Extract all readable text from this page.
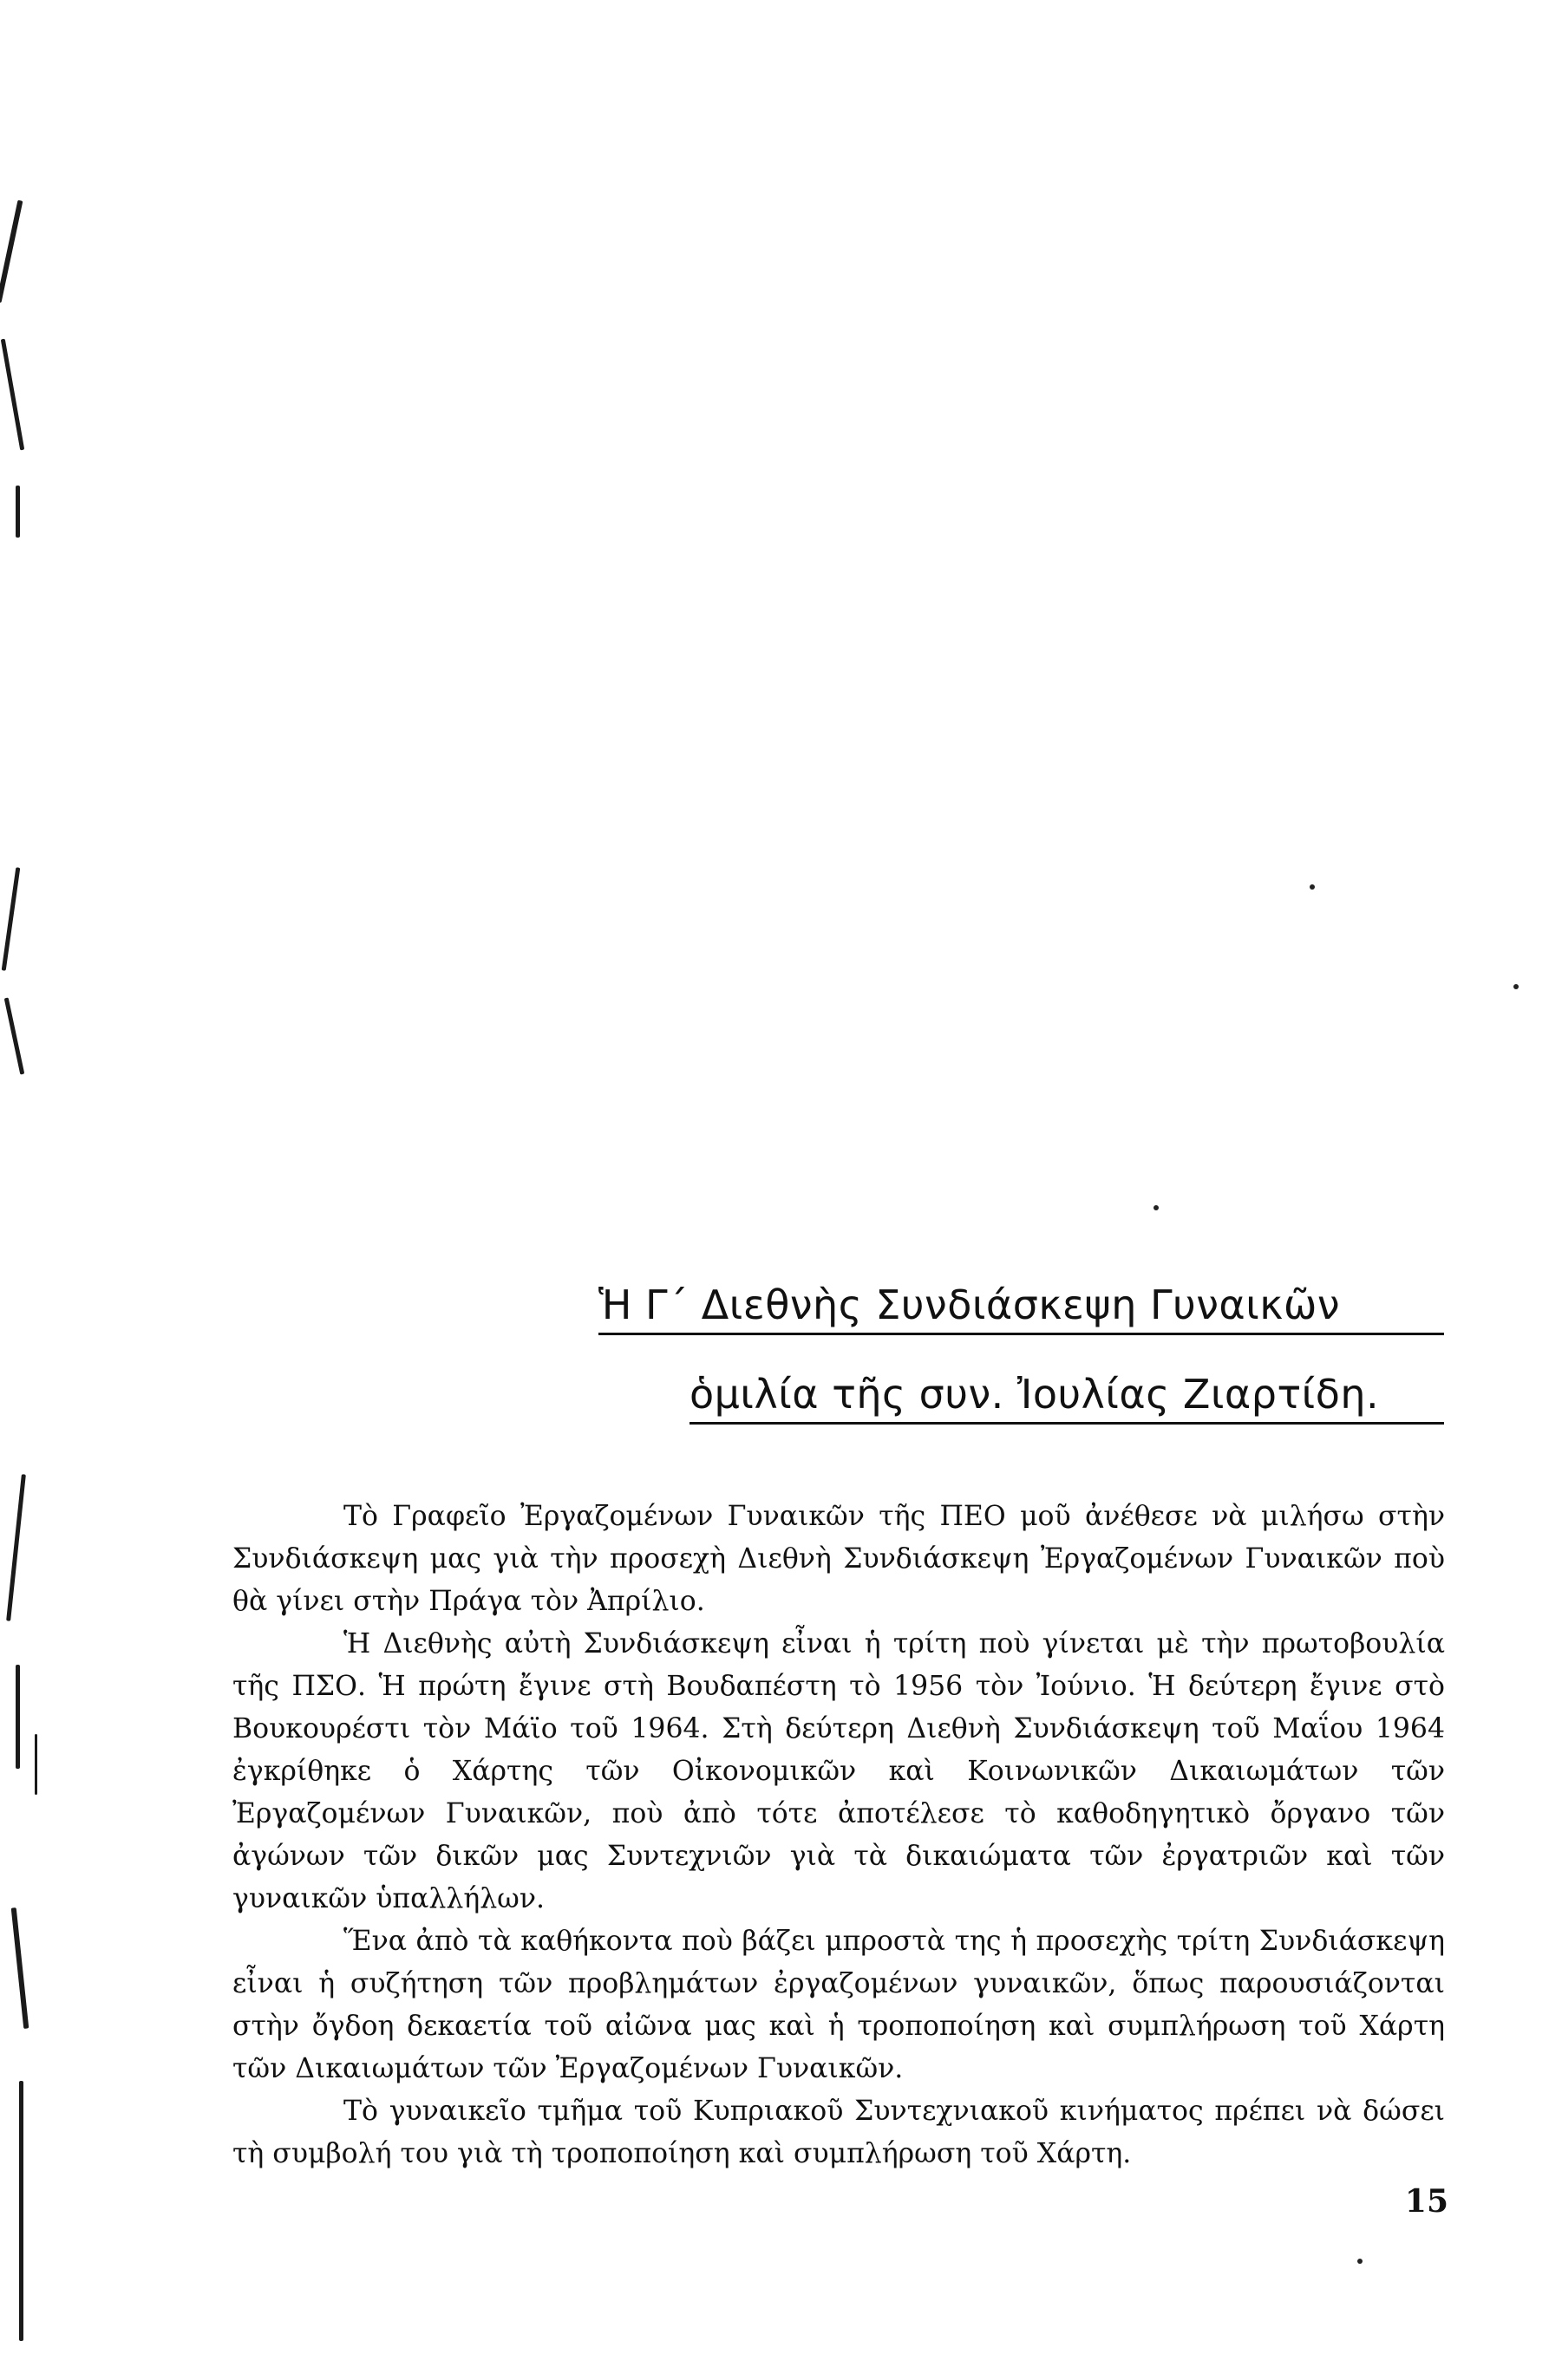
Ἡ Γ΄ Διεθνὴς Συνδιάσκεψη Γυναικῶν ὁμιλία τῆς συν. Ἰουλίας Ζιαρτίδη.

Τὸ Γραφεῖο Ἐργαζομένων Γυναικῶν τῆς ΠΕΟ μοῦ ἀνέθεσε νὰ μιλήσω στὴν Συνδιάσκεψη μας γιὰ τὴν προσεχὴ Διεθνὴ Συνδιάσκεψη Ἐργαζομένων Γυναικῶν ποὺ θὰ γίνει στὴν Πράγα τὸν Ἀπρίλιο.

Ἡ Διεθνὴς αὐτὴ Συνδιάσκεψη εἶναι ἡ τρίτη ποὺ γίνεται μὲ τὴν πρωτοβουλία τῆς ΠΣΟ. Ἡ πρώτη ἔγινε στὴ Βουδαπέστη τὸ 1956 τὸν Ἰούνιο. Ἡ δεύτερη ἔγινε στὸ Βουκουρέστι τὸν Μάϊο τοῦ 1964. Στὴ δεύτερη Διεθνὴ Συνδιάσκεψη τοῦ Μαΐου 1964 ἐγκρίθηκε ὁ Χάρτης τῶν Οἰκονομικῶν καὶ Κοινωνικῶν Δικαιωμάτων τῶν Ἐργαζομένων Γυναικῶν, ποὺ ἀπὸ τότε ἀποτέλεσε τὸ καθοδηγητικὸ ὄργανο τῶν ἀγώνων τῶν δικῶν μας Συντεχνιῶν γιὰ τὰ δικαιώματα τῶν ἐργατριῶν καὶ τῶν γυναικῶν ὑπαλλήλων.

Ἕνα ἀπὸ τὰ καθήκοντα ποὺ βάζει μπροστὰ της ἡ προσεχὴς τρίτη Συνδιάσκεψη εἶναι ἡ συζήτηση τῶν προβλημάτων ἐργαζομένων γυναικῶν, ὅπως παρουσιάζονται στὴν ὄγδοη δεκαετία τοῦ αἰῶνα μας καὶ ἡ τροποποίηση καὶ συμπλήρωση τοῦ Χάρτη τῶν Δικαιωμάτων τῶν Ἐργαζομένων Γυναικῶν.

Τὸ γυναικεῖο τμῆμα τοῦ Κυπριακοῦ Συντεχνιακοῦ κινήματος πρέπει νὰ δώσει τὴ συμβολή του γιὰ τὴ τροποποίηση καὶ συμπλήρωση τοῦ Χάρτη.

15
